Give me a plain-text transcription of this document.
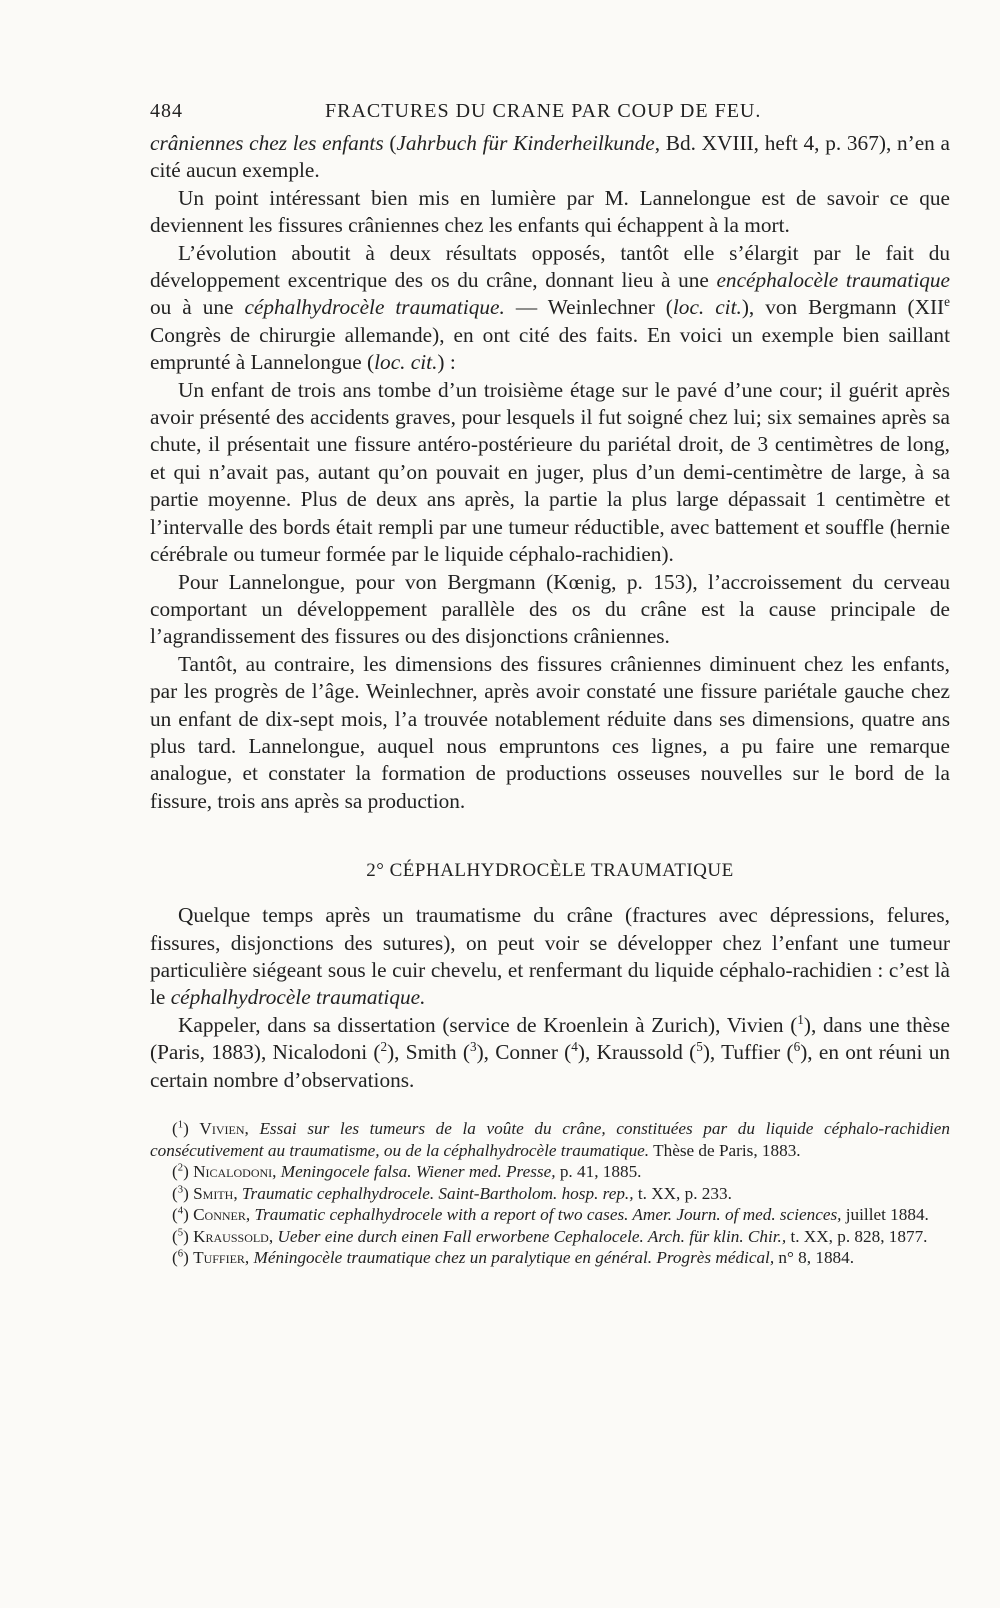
484	FRACTURES DU CRANE PAR COUP DE FEU.

crâniennes chez les enfants (Jahrbuch für Kinderheilkunde, Bd. XVIII, heft 4, p. 367), n’en a cité aucun exemple.

Un point intéressant bien mis en lumière par M. Lannelongue est de savoir ce que deviennent les fissures crâniennes chez les enfants qui échappent à la mort.

L’évolution aboutit à deux résultats opposés, tantôt elle s’élargit par le fait du développement excentrique des os du crâne, donnant lieu à une encéphalocèle traumatique ou à une céphalhydrocèle traumatique. — Weinlechner (loc. cit.), von Bergmann (XIIe Congrès de chirurgie allemande), en ont cité des faits. En voici un exemple bien saillant emprunté à Lannelongue (loc. cit.) :

Un enfant de trois ans tombe d’un troisième étage sur le pavé d’une cour; il guérit après avoir présenté des accidents graves, pour lesquels il fut soigné chez lui; six semaines après sa chute, il présentait une fissure antéro-postérieure du pariétal droit, de 3 centimètres de long, et qui n’avait pas, autant qu’on pouvait en juger, plus d’un demi-centimètre de large, à sa partie moyenne. Plus de deux ans après, la partie la plus large dépassait 1 centimètre et l’intervalle des bords était rempli par une tumeur réductible, avec battement et souffle (hernie cérébrale ou tumeur formée par le liquide céphalo-rachidien).

Pour Lannelongue, pour von Bergmann (Kœnig, p. 153), l’accroissement du cerveau comportant un développement parallèle des os du crâne est la cause principale de l’agrandissement des fissures ou des disjonctions crâniennes.

Tantôt, au contraire, les dimensions des fissures crâniennes diminuent chez les enfants, par les progrès de l’âge. Weinlechner, après avoir constaté une fissure pariétale gauche chez un enfant de dix-sept mois, l’a trouvée notablement réduite dans ses dimensions, quatre ans plus tard. Lannelongue, auquel nous empruntons ces lignes, a pu faire une remarque analogue, et constater la formation de productions osseuses nouvelles sur le bord de la fissure, trois ans après sa production.

2° CÉPHALHYDROCÈLE TRAUMATIQUE

Quelque temps après un traumatisme du crâne (fractures avec dépressions, felures, fissures, disjonctions des sutures), on peut voir se développer chez l’enfant une tumeur particulière siégeant sous le cuir chevelu, et renfermant du liquide céphalo-rachidien : c’est là le céphalhydrocèle traumatique.

Kappeler, dans sa dissertation (service de Kroenlein à Zurich), Vivien ($^1$), dans une thèse (Paris, 1883), Nicalodoni ($^2$), Smith ($^3$), Conner ($^4$), Kraussold ($^5$), Tuffier ($^6$), en ont réuni un certain nombre d’observations.

($^1$) Vivien, Essai sur les tumeurs de la voûte du crâne, constituées par du liquide céphalo-rachidien consécutivement au traumatisme, ou de la céphalhydrocèle traumatique. Thèse de Paris, 1883.

($^2$) Nicalodoni, Meningocele falsa. Wiener med. Presse, p. 41, 1885.

($^3$) Smith, Traumatic cephalhydrocele. Saint-Bartholom. hosp. rep., t. XX, p. 233.

($^4$) Conner, Traumatic cephalhydrocele with a report of two cases. Amer. Journ. of med. sciences, juillet 1884.

($^5$) Kraussold, Ueber eine durch einen Fall erworbene Cephalocele. Arch. für klin. Chir., t. XX, p. 828, 1877.

($^6$) Tuffier, Méningocèle traumatique chez un paralytique en général. Progrès médical, n° 8, 1884.
